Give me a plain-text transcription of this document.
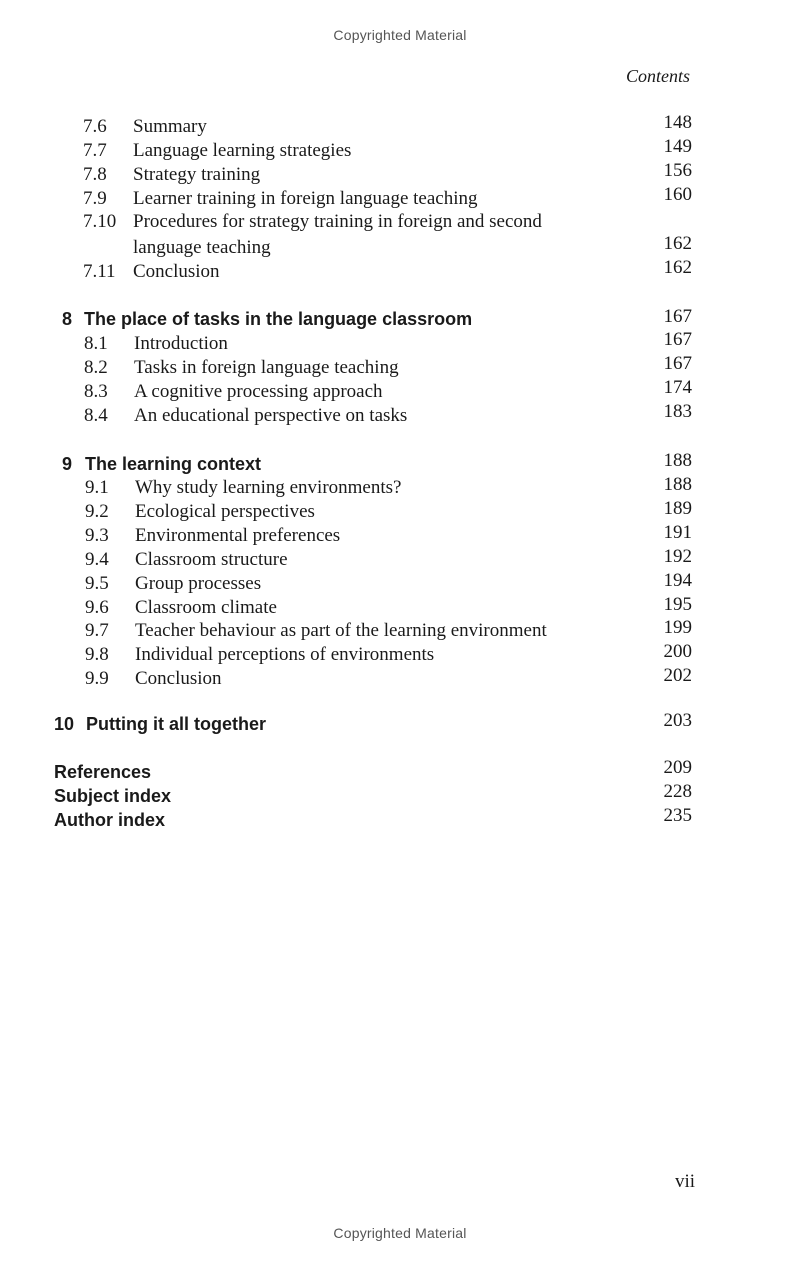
Copyrighted Material
Contents
7.6 Summary	148
7.7 Language learning strategies	149
7.8 Strategy training	156
7.9 Learner training in foreign language teaching	160
7.10 Procedures for strategy training in foreign and second
language teaching	162
7.11 Conclusion	162
8 The place of tasks in the language classroom	167
8.1 Introduction	167
8.2 Tasks in foreign language teaching	167
8.3 A cognitive processing approach	174
8.4 An educational perspective on tasks	183
9 The learning context	188
9.1 Why study learning environments?	188
9.2 Ecological perspectives	189
9.3 Environmental preferences	191
9.4 Classroom structure	192
9.5 Group processes	194
9.6 Classroom climate	195
9.7 Teacher behaviour as part of the learning environment	199
9.8 Individual perceptions of environments	200
9.9 Conclusion	202
10 Putting it all together	203
References	209
Subject index	228
Author index	235
vii
Copyrighted Material
